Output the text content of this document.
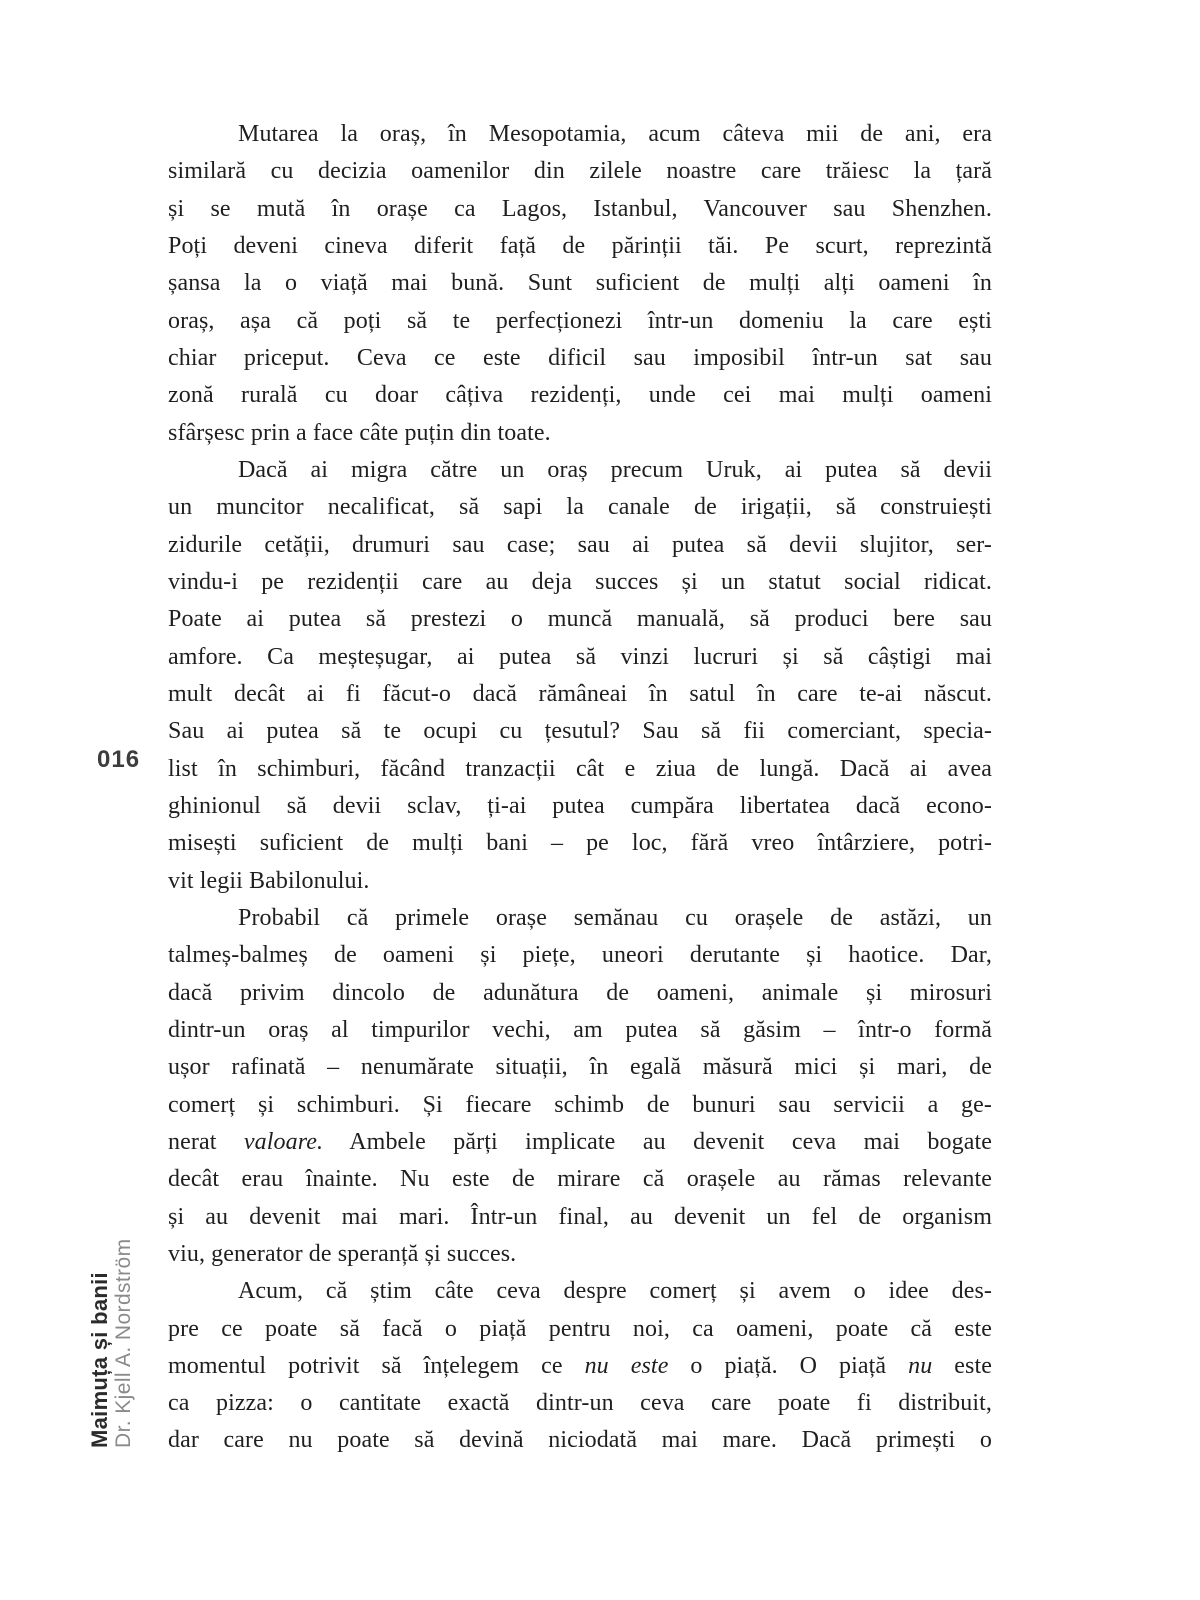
016
Mutarea la oraș, în Mesopotamia, acum câteva mii de ani, era
similară cu decizia oamenilor din zilele noastre care trăiesc la țară
și se mută în orașe ca Lagos, Istanbul, Vancouver sau Shenzhen.
Poți deveni cineva diferit față de părinții tăi. Pe scurt, reprezintă
șansa la o viață mai bună. Sunt suficient de mulți alți oameni în
oraș, așa că poți să te perfecționezi într-un domeniu la care ești
chiar priceput. Ceva ce este dificil sau imposibil într-un sat sau
zonă rurală cu doar câțiva rezidenți, unde cei mai mulți oameni
sfârșesc prin a face câte puțin din toate.
Dacă ai migra către un oraș precum Uruk, ai putea să devii
un muncitor necalificat, să sapi la canale de irigații, să construiești
zidurile cetății, drumuri sau case; sau ai putea să devii slujitor, ser-
vindu-i pe rezidenții care au deja succes și un statut social ridicat.
Poate ai putea să prestezi o muncă manuală, să produci bere sau
amfore. Ca meșteșugar, ai putea să vinzi lucruri și să câștigi mai
mult decât ai fi făcut-o dacă rămâneai în satul în care te-ai născut.
Sau ai putea să te ocupi cu țesutul? Sau să fii comerciant, specia-
list în schimburi, făcând tranzacții cât e ziua de lungă. Dacă ai avea
ghinionul să devii sclav, ți-ai putea cumpăra libertatea dacă econo-
misești suficient de mulți bani – pe loc, fără vreo întârziere, potri-
vit legii Babilonului.
Probabil că primele orașe semănau cu orașele de astăzi, un
talmeș-balmeș de oameni și piețe, uneori derutante și haotice. Dar,
dacă privim dincolo de adunătura de oameni, animale și mirosuri
dintr-un oraș al timpurilor vechi, am putea să găsim – într-o formă
ușor rafinată – nenumărate situații, în egală măsură mici și mari, de
comerț și schimburi. Și fiecare schimb de bunuri sau servicii a ge-
nerat valoare. Ambele părți implicate au devenit ceva mai bogate
decât erau înainte. Nu este de mirare că orașele au rămas relevante
și au devenit mai mari. Într-un final, au devenit un fel de organism
viu, generator de speranță și succes.
Acum, că știm câte ceva despre comerț și avem o idee des-
pre ce poate să facă o piață pentru noi, ca oameni, poate că este
momentul potrivit să înțelegem ce nu este o piață. O piață nu este
ca pizza: o cantitate exactă dintr-un ceva care poate fi distribuit,
dar care nu poate să devină niciodată mai mare. Dacă primești o
Maimuța și banii Dr. Kjell A. Nordström
